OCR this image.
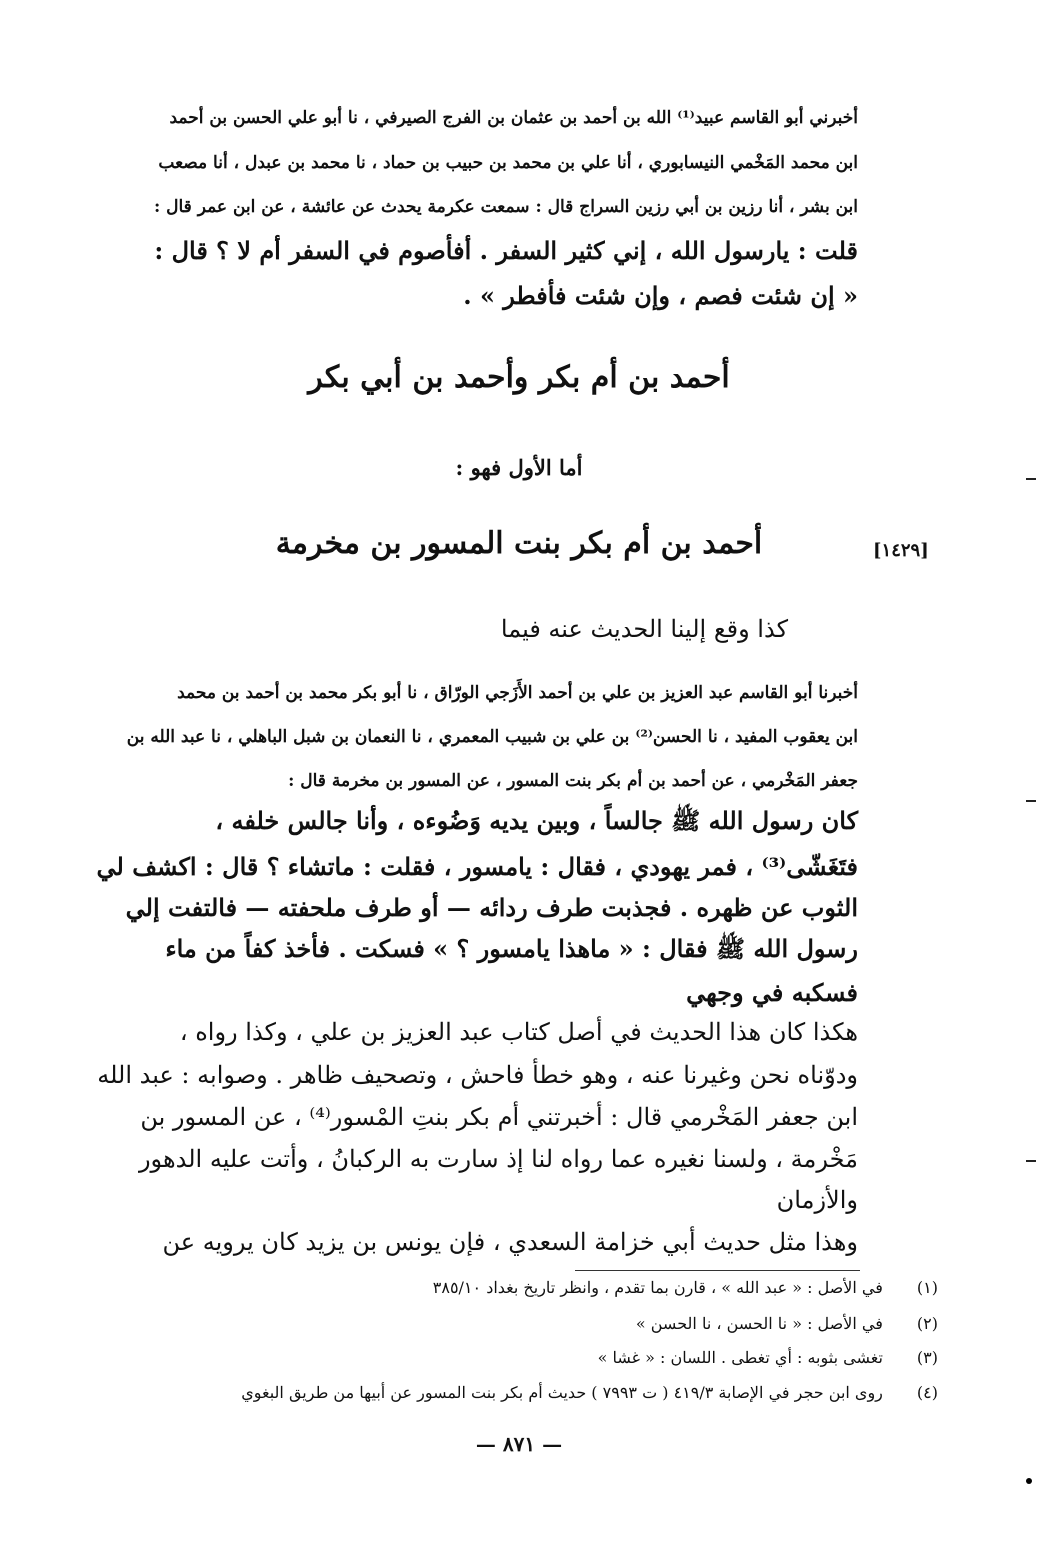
أخبرني أبو القاسم عبيد⁽¹⁾ الله بن أحمد بن عثمان بن الفرج الصيرفي ، نا أبو علي الحسن بن أحمد
ابن محمد المَخْمي النيسابوري ، أنا علي بن محمد بن حبيب بن حماد ، نا محمد بن عبدل ، أنا مصعب
ابن بشر ، أنا رزين بن أبي رزين السراج قال : سمعت عكرمة يحدث عن عائشة ، عن ابن عمر قال :
قلت : يارسول الله ، إني كثير السفر . أفأصوم في السفر أم لا ؟ قال :
« إن شئت فصم ، وإن شئت فأفطر » .
أحمد بن أم بكر وأحمد بن أبي بكر
أما الأول فهو :
أحمد بن أم بكر بنت المسور بن مخرمة	[١٤٢٩]
كذا وقع إلينا الحديث عنه فيما
أخبرنا أبو القاسم عبد العزيز بن علي بن أحمد الأَزَجي الورّاق ، نا أبو بكر محمد بن أحمد بن محمد
ابن يعقوب المفيد ، نا الحسن⁽²⁾ بن علي بن شبيب المعمري ، نا النعمان بن شبل الباهلي ، نا عبد الله بن
جعفر المَخْرمي ، عن أحمد بن أم بكر بنت المسور ، عن المسور بن مخرمة قال :
كان رسول الله ﷺ جالساً ، وبين يديه وَضُوءه ، وأنا جالس خلفه ،
فتَغَشّى⁽³⁾ ، فمر يهودي ، فقال : يامسور ، فقلت : ماتشاء ؟ قال : اكشف لي
الثوب عن ظهره . فجذبت طرف ردائه — أو طرف ملحفته — فالتفت إلي
رسول الله ﷺ فقال : « ماهذا يامسور ؟ » فسكت . فأخذ كفاً من ماء
فسكبه في وجهي
هكذا كان هذا الحديث في أصل كتاب عبد العزيز بن علي ، وكذا رواه ،
ودوّناه نحن وغيرنا عنه ، وهو خطأ فاحش ، وتصحيف ظاهر . وصوابه : عبد الله
ابن جعفر المَخْرمي قال : أخبرتني أم بكر بنتِ المْسور⁽⁴⁾ ، عن المسور بن
مَخْرمة ، ولسنا نغيره عما رواه لنا إذ سارت به الركبانُ ، وأتت عليه الدهور
والأزمان
وهذا مثل حديث أبي خزامة السعدي ، فإن يونس بن يزيد كان يرويه عن
(١) في الأصل : « عبد الله » ، قارن بما تقدم ، وانظر تاريخ بغداد ٣٨٥/١٠
(٢) في الأصل : « نا الحسن ، نا الحسن »
(٣) تغشى بثوبه : أي تغطى . اللسان : « غشا »
(٤) روى ابن حجر في الإصابة ٤١٩/٣ ( ت ٧٩٩٣ ) حديث أم بكر بنت المسور عن أبيها من طريق البغوي
— ٨٧١ —
